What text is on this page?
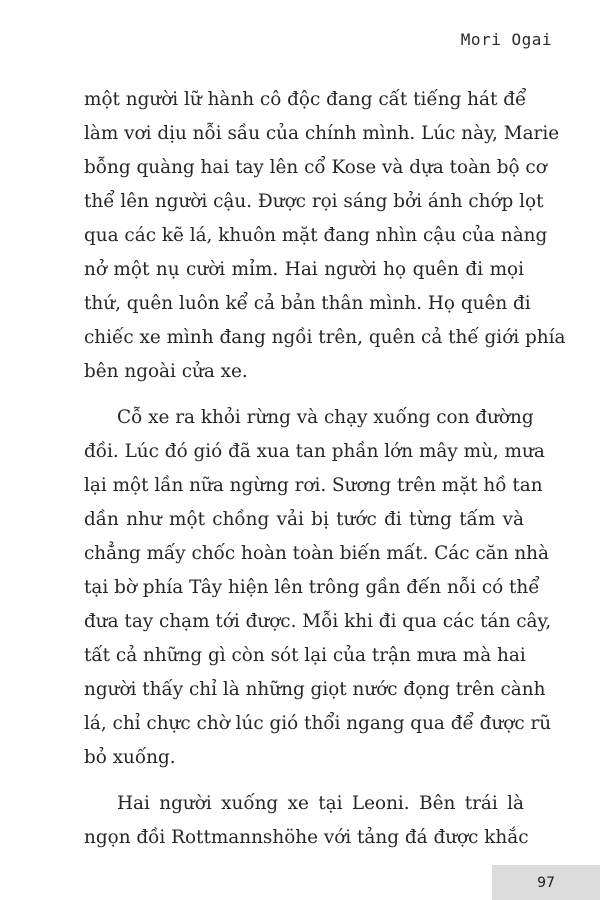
Mori Ogai
một người lữ hành cô độc đang cất tiếng hát để
làm vơi dịu nỗi sầu của chính mình. Lúc này, Marie
bỗng quàng hai tay lên cổ Kose và dựa toàn bộ cơ
thể lên người cậu. Được rọi sáng bởi ánh chớp lọt
qua các kẽ lá, khuôn mặt đang nhìn cậu của nàng
nở một nụ cười mỉm. Hai người họ quên đi mọi
thứ, quên luôn kể cả bản thân mình. Họ quên đi
chiếc xe mình đang ngồi trên, quên cả thế giới phía
bên ngoài cửa xe.
Cỗ xe ra khỏi rừng và chạy xuống con đường
đồi. Lúc đó gió đã xua tan phần lớn mây mù, mưa
lại một lần nữa ngừng rơi. Sương trên mặt hồ tan
dần như một chồng vải bị tước đi từng tấm và
chẳng mấy chốc hoàn toàn biến mất. Các căn nhà
tại bờ phía Tây hiện lên trông gần đến nỗi có thể
đưa tay chạm tới được. Mỗi khi đi qua các tán cây,
tất cả những gì còn sót lại của trận mưa mà hai
người thấy chỉ là những giọt nước đọng trên cành
lá, chỉ chực chờ lúc gió thổi ngang qua để được rũ
bỏ xuống.
Hai người xuống xe tại Leoni. Bên trái là
ngọn đồi Rottmannshöhe với tảng đá được khắc
97
